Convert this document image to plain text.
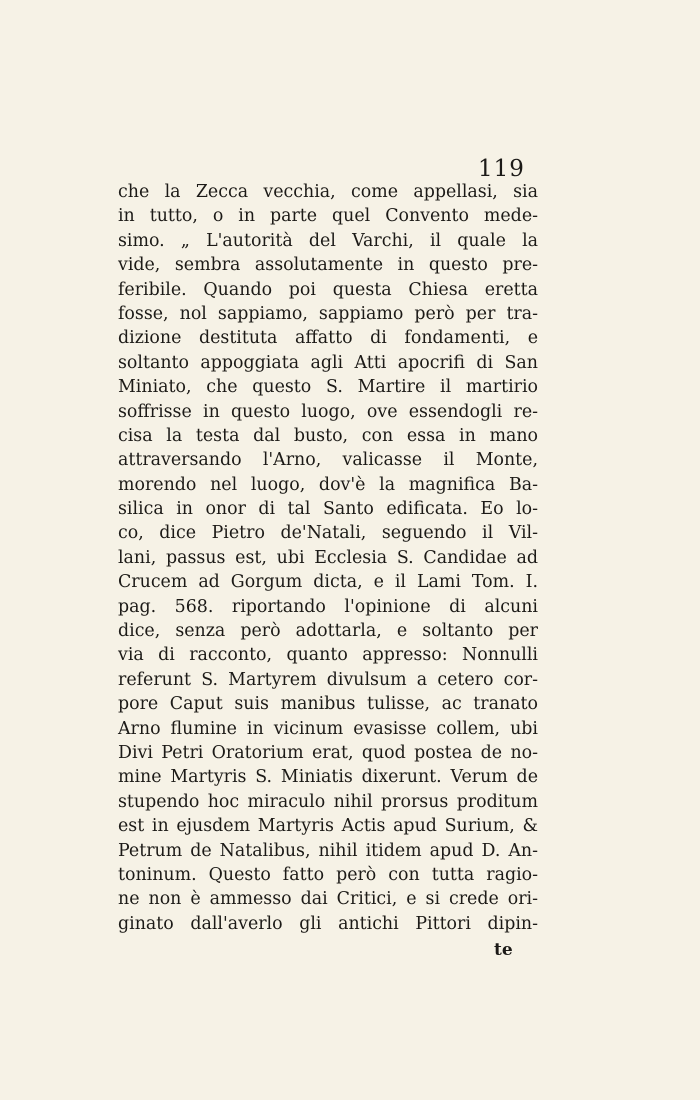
119
che la Zecca vecchia, come appellasi, sia
in tutto, o in parte quel Convento mede-
simo. „ L'autorità del Varchi, il quale la
vide, sembra assolutamente in questo pre-
feribile. Quando poi questa Chiesa eretta
fosse, nol sappiamo, sappiamo però per tra-
dizione destituta affatto di fondamenti, e
soltanto appoggiata agli Atti apocrifi di San
Miniato, che questo S. Martire il martirio
soffrisse in questo luogo, ove essendogli re-
cisa la testa dal busto, con essa in mano
attraversando l'Arno, valicasse il Monte,
morendo nel luogo, dov'è la magnifica Ba-
silica in onor di tal Santo edificata. Eo lo-
co, dice Pietro de'Natali, seguendo il Vil-
lani, passus est, ubi Ecclesia S. Candidae ad
Crucem ad Gorgum dicta, e il Lami Tom. I.
pag. 568. riportando l'opinione di alcuni
dice, senza però adottarla, e soltanto per
via di racconto, quanto appresso: Nonnulli
referunt S. Martyrem divulsum a cetero cor-
pore Caput suis manibus tulisse, ac tranato
Arno flumine in vicinum evasisse collem, ubi
Divi Petri Oratorium erat, quod postea de no-
mine Martyris S. Miniatis dixerunt. Verum de
stupendo hoc miraculo nihil prorsus proditum
est in ejusdem Martyris Actis apud Surium, &
Petrum de Natalibus, nihil itidem apud D. An-
toninum. Questo fatto però con tutta ragio-
ne non è ammesso dai Critici, e si crede ori-
ginato dall'averlo gli antichi Pittori dipin-
te
